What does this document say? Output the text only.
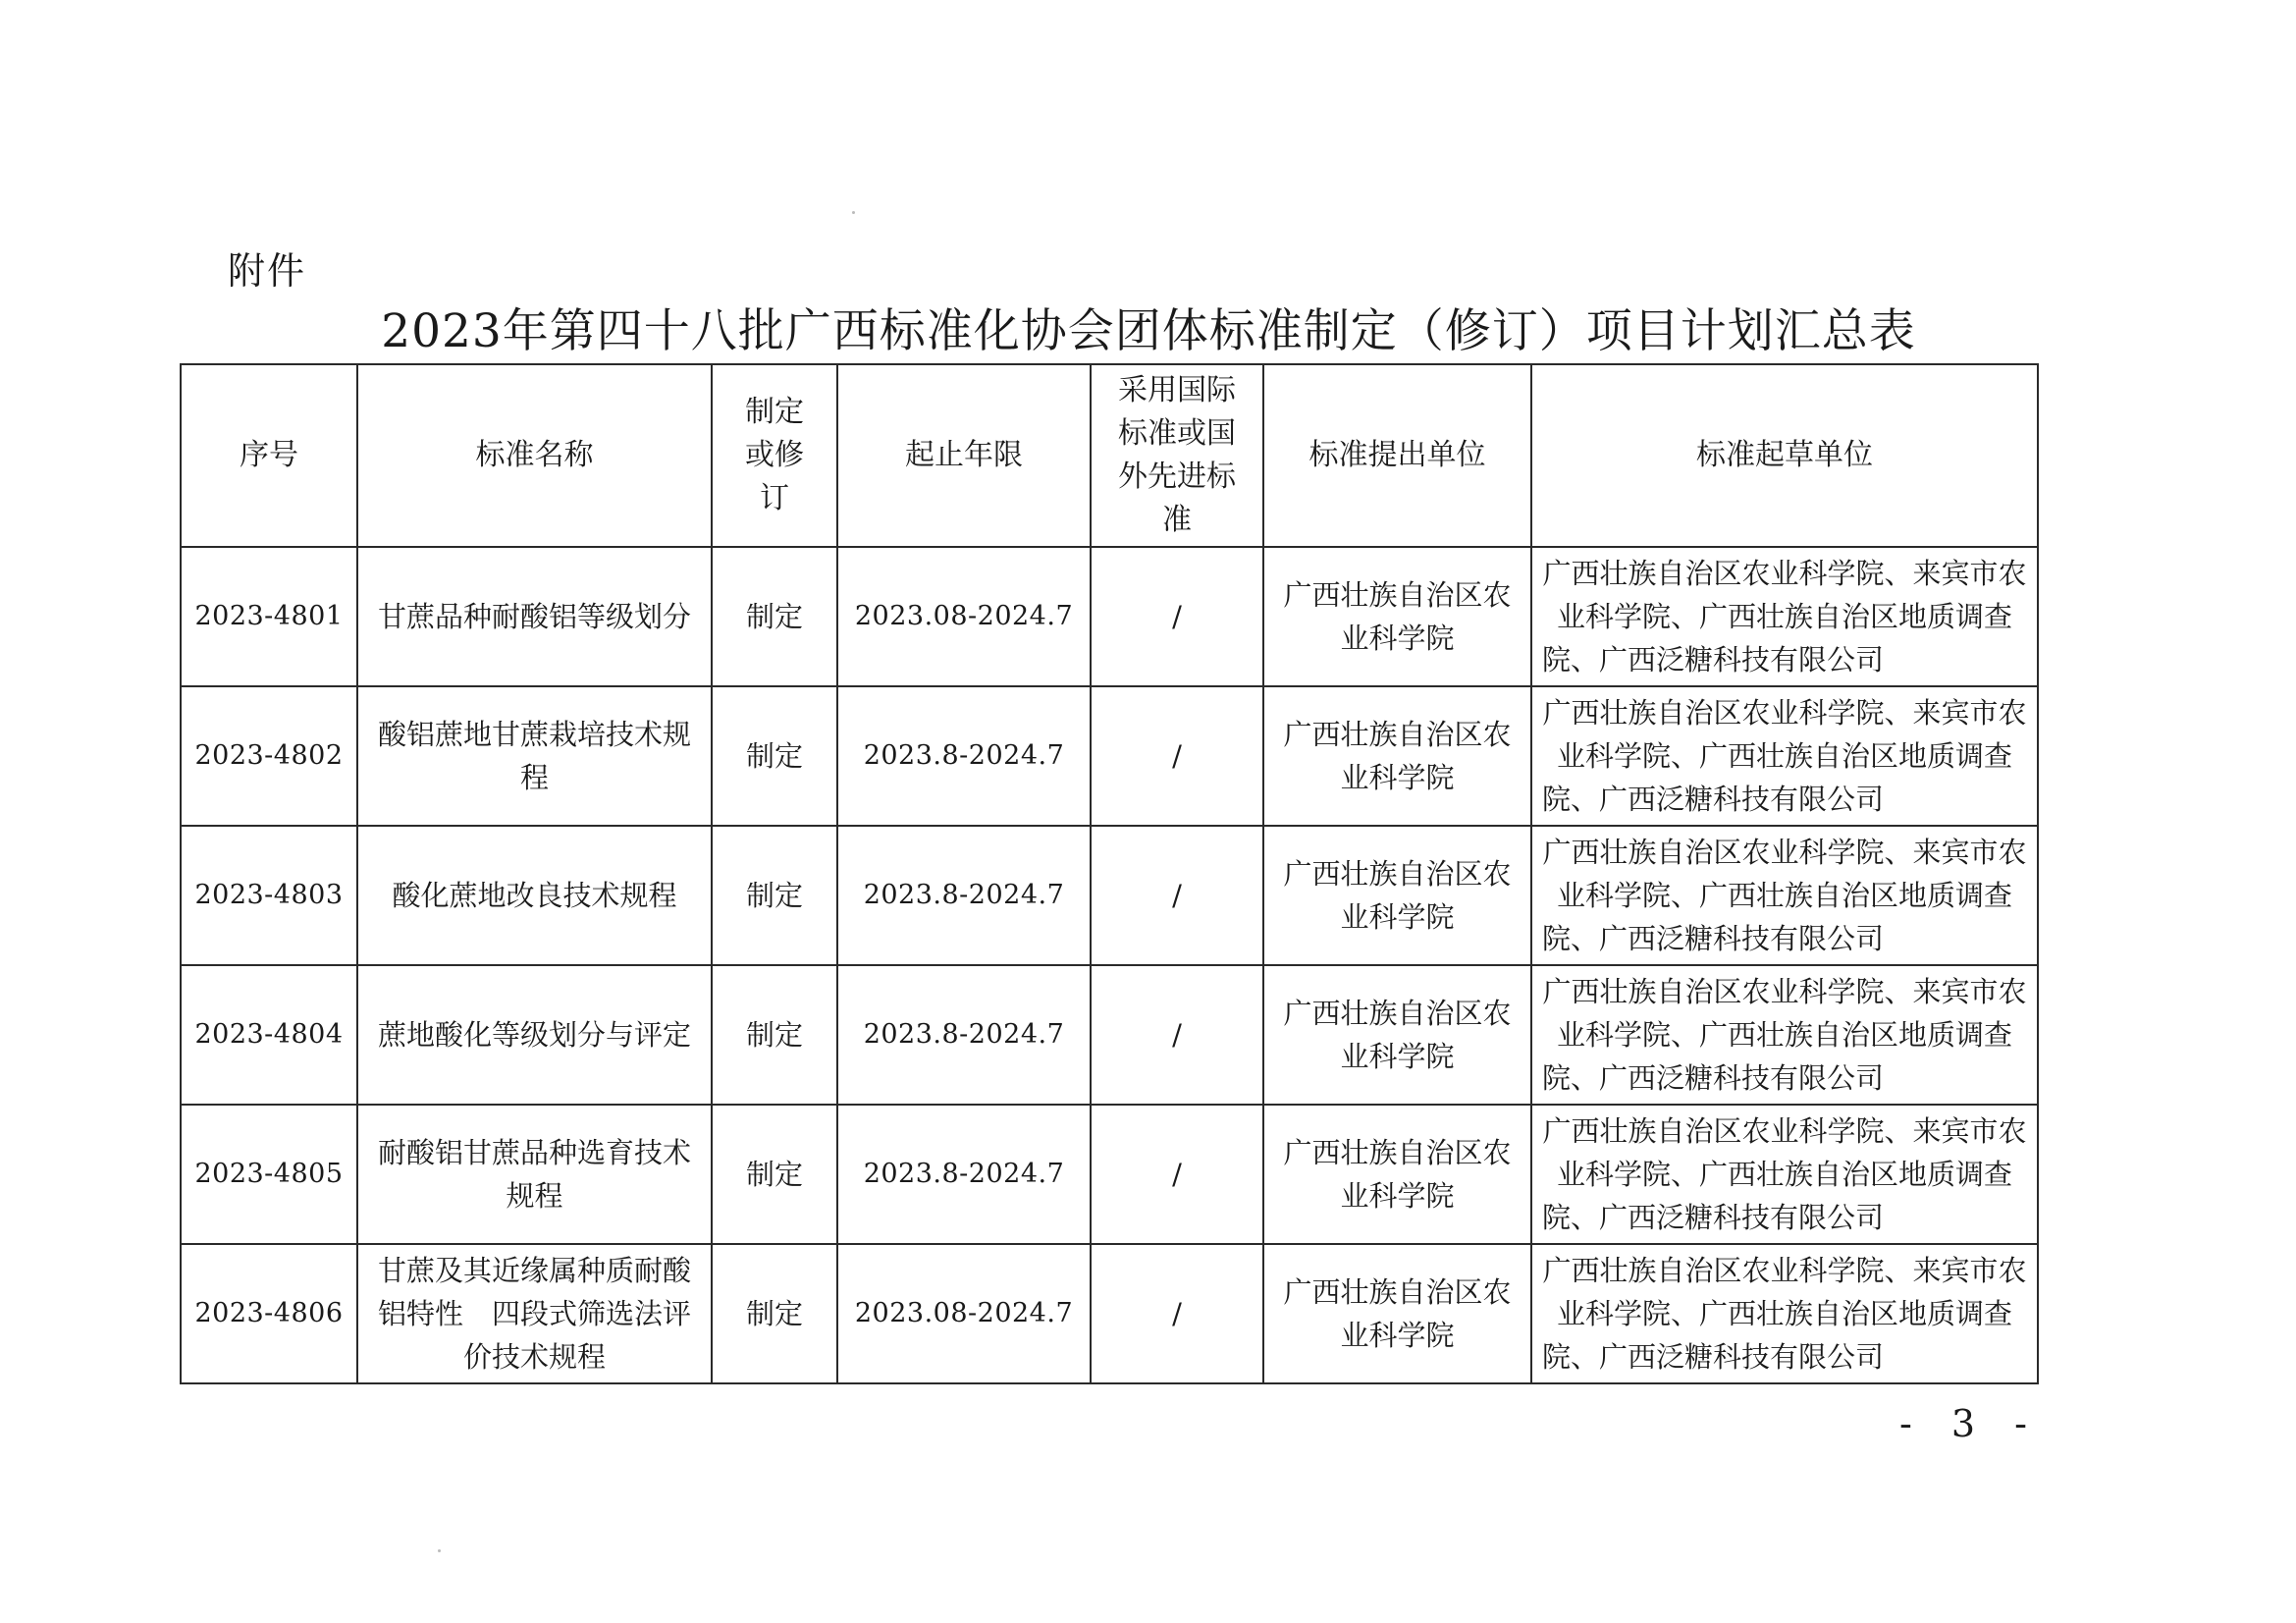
附件
2023年第四十八批广西标准化协会团体标准制定（修订）项目计划汇总表
序号	标准名称	制定或修订	起止年限	采用国际标准或国外先进标准	标准提出单位	标准起草单位
2023-4801	甘蔗品种耐酸铝等级划分	制定	2023.08-2024.7	/	广西壮族自治区农业科学院	广西壮族自治区农业科学院、来宾市农业科学院、广西壮族自治区地质调查院、广西泛糖科技有限公司
2023-4802	酸铝蔗地甘蔗栽培技术规程	制定	2023.8-2024.7	/	广西壮族自治区农业科学院	广西壮族自治区农业科学院、来宾市农业科学院、广西壮族自治区地质调查院、广西泛糖科技有限公司
2023-4803	酸化蔗地改良技术规程	制定	2023.8-2024.7	/	广西壮族自治区农业科学院	广西壮族自治区农业科学院、来宾市农业科学院、广西壮族自治区地质调查院、广西泛糖科技有限公司
2023-4804	蔗地酸化等级划分与评定	制定	2023.8-2024.7	/	广西壮族自治区农业科学院	广西壮族自治区农业科学院、来宾市农业科学院、广西壮族自治区地质调查院、广西泛糖科技有限公司
2023-4805	耐酸铝甘蔗品种选育技术规程	制定	2023.8-2024.7	/	广西壮族自治区农业科学院	广西壮族自治区农业科学院、来宾市农业科学院、广西壮族自治区地质调查院、广西泛糖科技有限公司
2023-4806	甘蔗及其近缘属种质耐酸铝特性　四段式筛选法评价技术规程	制定	2023.08-2024.7	/	广西壮族自治区农业科学院	广西壮族自治区农业科学院、来宾市农业科学院、广西壮族自治区地质调查院、广西泛糖科技有限公司
- 3 -
